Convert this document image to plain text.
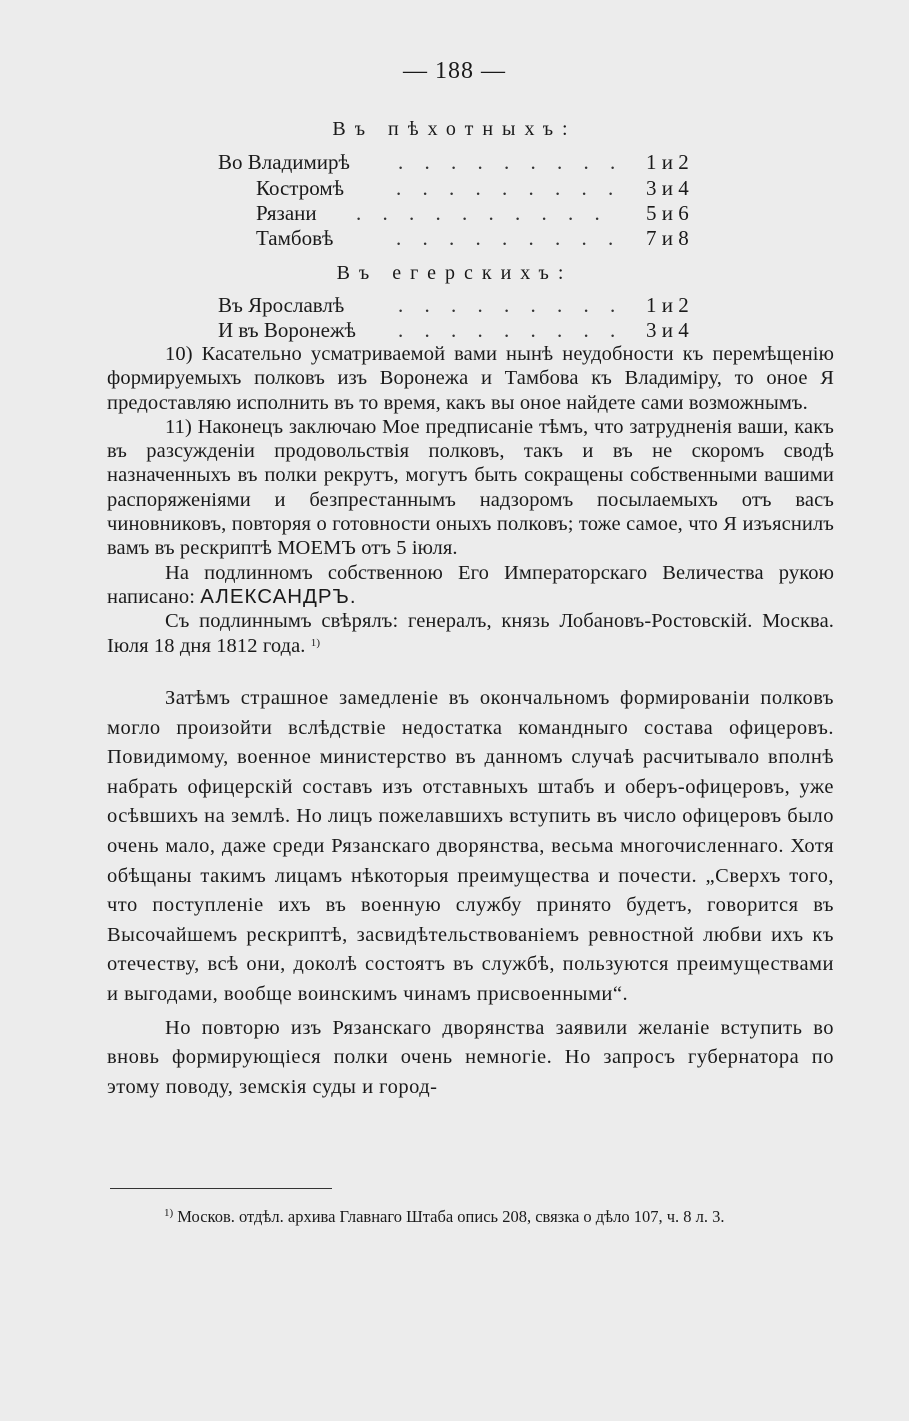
— 188 —
Въ пѣхотныхъ:
Во Владимирѣ . . . . . . . . .	1 и 2
Костромѣ . . . . . . . . .	3 и 4
Рязани . . . . . . . . . .	5 и 6
Тамбовѣ	. . . . . . . . .	7 и 8
Въ егерскихъ:
Въ Ярославлѣ	. . . . . . . . .	1 и 2
И въ Воронежѣ . . . . . . . . .	3 и 4

10) Касательно усматриваемой вами нынѣ неудобности къ перемѣщенію формируемыхъ полковъ изъ Воронежа и Тамбова къ Владиміру, то оное Я предоставляю исполнить въ то время, какъ вы оное найдете сами возможнымъ.

11) Наконецъ заключаю Мое предписаніе тѣмъ, что затрудненія ваши, какъ въ разсужденіи продовольствія полковъ, такъ и въ не скоромъ сводѣ назначенныхъ въ полки рекрутъ, могутъ быть сокращены собственными вашими распоряженіями и безпрестаннымъ надзоромъ посылаемыхъ отъ васъ чиновниковъ, повторяя о готовности оныхъ полковъ; тоже самое, что Я изъяснилъ вамъ въ рескриптѣ МОЕМЪ отъ 5 іюля.

На подлинномъ собственною Его Императорскаго Величества рукою написано: АЛЕКСАНДРЪ.

Съ подлиннымъ свѣрялъ: генералъ, князь Лобановъ-Ростовскій. Москва. Іюля 18 дня 1812 года. $^{1)}$

Затѣмъ страшное замедленіе въ окончальномъ формированіи полковъ могло произойти вслѣдствіе недостатка командныго состава офицеровъ. Повидимому, военное министерство въ данномъ случаѣ расчитывало вполнѣ набрать офицерскій составъ изъ отставныхъ штабъ и оберъ-офицеровъ, уже осѣвшихъ на землѣ. Но лицъ пожелавшихъ вступить въ число офицеровъ было очень мало, даже среди Рязанскаго дворянства, весьма многочисленнаго. Хотя обѣщаны такимъ лицамъ нѣкоторыя преимущества и почести. „Сверхъ того, что поступленіе ихъ въ военную службу принято будетъ, говорится въ Высочайшемъ рескриптѣ, засвидѣтельствованіемъ ревностной любви ихъ къ отечеству, всѣ они, доколѣ состоятъ въ службѣ, пользуются преимуществами и выгодами, вообще воинскимъ чинамъ присвоенными“.

Но повторю изъ Рязанскаго дворянства заявили желаніе вступить во вновь формирующіеся полки очень немногіе. Но запросъ губернатора по этому поводу, земскія суды и город-

$^{1)}$ Москов. отдѣл. архива Главнаго Штаба опись 208, связка о дѣло 107, ч. 8 л. 3.
